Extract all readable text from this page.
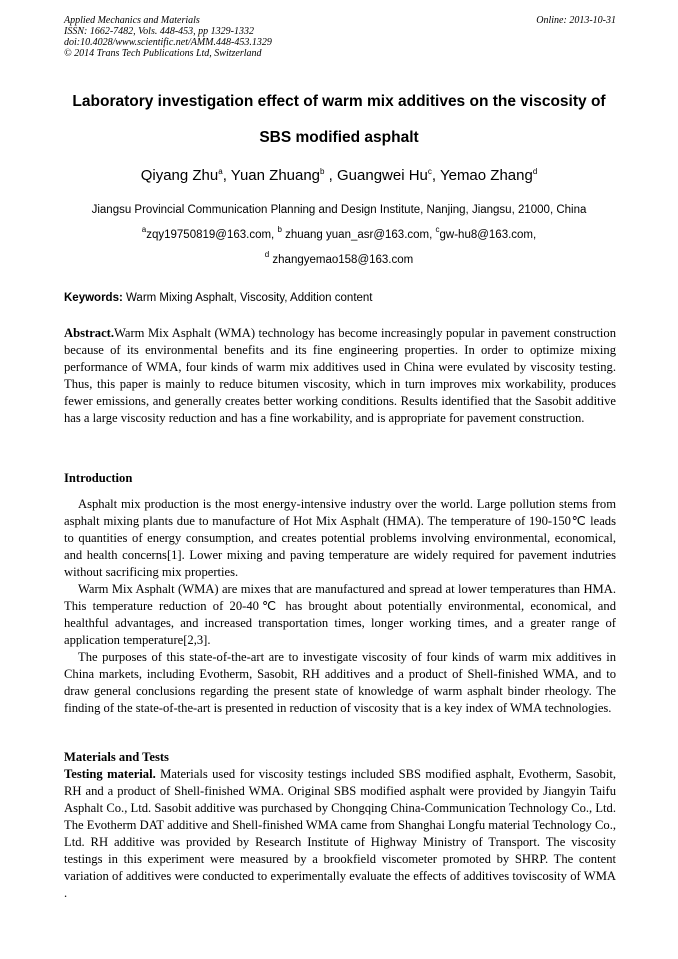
Applied Mechanics and Materials
ISSN: 1662-7482, Vols. 448-453, pp 1329-1332
doi:10.4028/www.scientific.net/AMM.448-453.1329
© 2014 Trans Tech Publications Ltd, Switzerland
Online: 2013-10-31
Laboratory investigation effect of warm mix additives on the viscosity of
SBS modified asphalt
Qiyang Zhu$^a$, Yuan Zhuang$^b$ , Guangwei Hu$^c$, Yemao Zhang$^d$
Jiangsu Provincial Communication Planning and Design Institute, Nanjing, Jiangsu, 21000, China
$^a$zqy19750819@163.com, $^b$ zhuang yuan_asr@163.com, $^c$gw-hu8@163.com,
$^d$ zhangyemao158@163.com
Keywords: Warm Mixing Asphalt, Viscosity, Addition content
Abstract.Warm Mix Asphalt (WMA) technology has become increasingly popular in pavement construction because of its environmental benefits and its fine engineering properties. In order to optimize mixing performance of WMA, four kinds of warm mix additives used in China were evulated by viscosity testing. Thus, this paper is mainly to reduce bitumen viscosity, which in turn improves mix workability, produces fewer emissions, and generally creates better working conditions. Results identified that the Sasobit additive has a large viscosity reduction and has a fine workability, and is appropriate for pavement construction.
Introduction

Asphalt mix production is the most energy-intensive industry over the world. Large pollution stems from asphalt mixing plants due to manufacture of Hot Mix Asphalt (HMA). The temperature of 190-150℃ leads to quantities of energy consumption, and creates potential problems involving environmental, economical, and health concerns[1]. Lower mixing and paving temperature are widely required for pavement indutries without sacrificing mix properties.

Warm Mix Asphalt (WMA) are mixes that are manufactured and spread at lower temperatures than HMA. This temperature reduction of 20-40℃ has brought about potentially environmental, economical, and healthful advantages, and increased transportation times, longer working times, and a greater range of application temperature[2,3].

The purposes of this state-of-the-art are to investigate viscosity of four kinds of warm mix additives in China markets, including Evotherm, Sasobit, RH additives and a product of Shell-finished WMA, and to draw general conclusions regarding the present state of knowledge of warm asphalt binder rheology. The finding of the state-of-the-art is presented in reduction of viscosity that is a key index of WMA technologies.

Materials and Tests

Testing material. Materials used for viscosity testings included SBS modified asphalt, Evotherm, Sasobit, RH and a product of Shell-finished WMA. Original SBS modified asphalt were provided by Jiangyin Taifu Asphalt Co., Ltd. Sasobit additive was purchased by Chongqing China-Communication Technology Co., Ltd. The Evotherm DAT additive and Shell-finished WMA came from Shanghai Longfu material Technology Co., Ltd. RH additive was provided by Research Institute of Highway Ministry of Transport. The viscosity testings in this experiment were measured by a brookfield viscometer promoted by SHRP. The content variation of additives were conducted to experimentally evaluate the effects of additives toviscosity of WMA .
